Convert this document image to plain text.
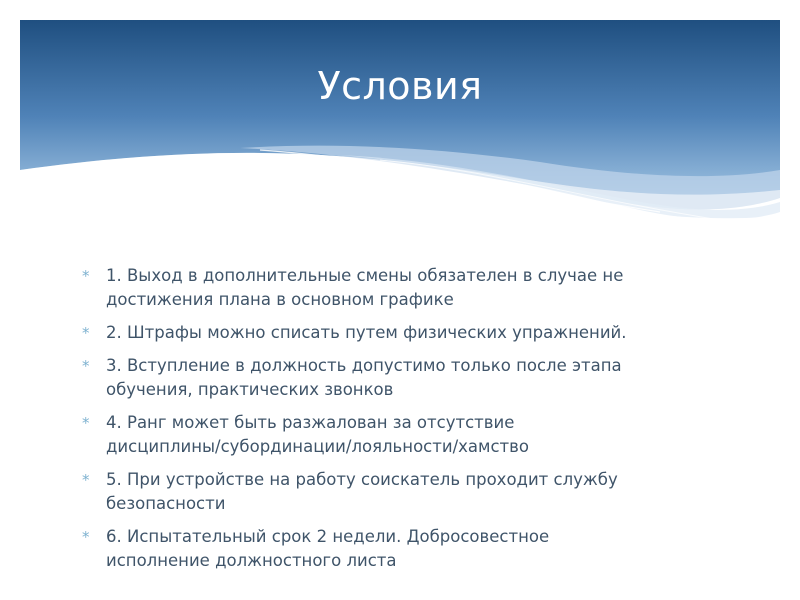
Условия
* 1. Выход в дополнительные смены обязателен в случае не
достижения плана в основном графике
* 2. Штрафы можно списать путем физических упражнений.
* 3. Вступление в должность допустимо только после этапа
обучения, практических звонков
* 4. Ранг может быть разжалован за отсутствие
дисциплины/субординации/лояльности/хамство
* 5. При устройстве на работу соискатель проходит службу
безопасности
* 6. Испытательный срок 2 недели. Добросовестное
исполнение должностного листа
